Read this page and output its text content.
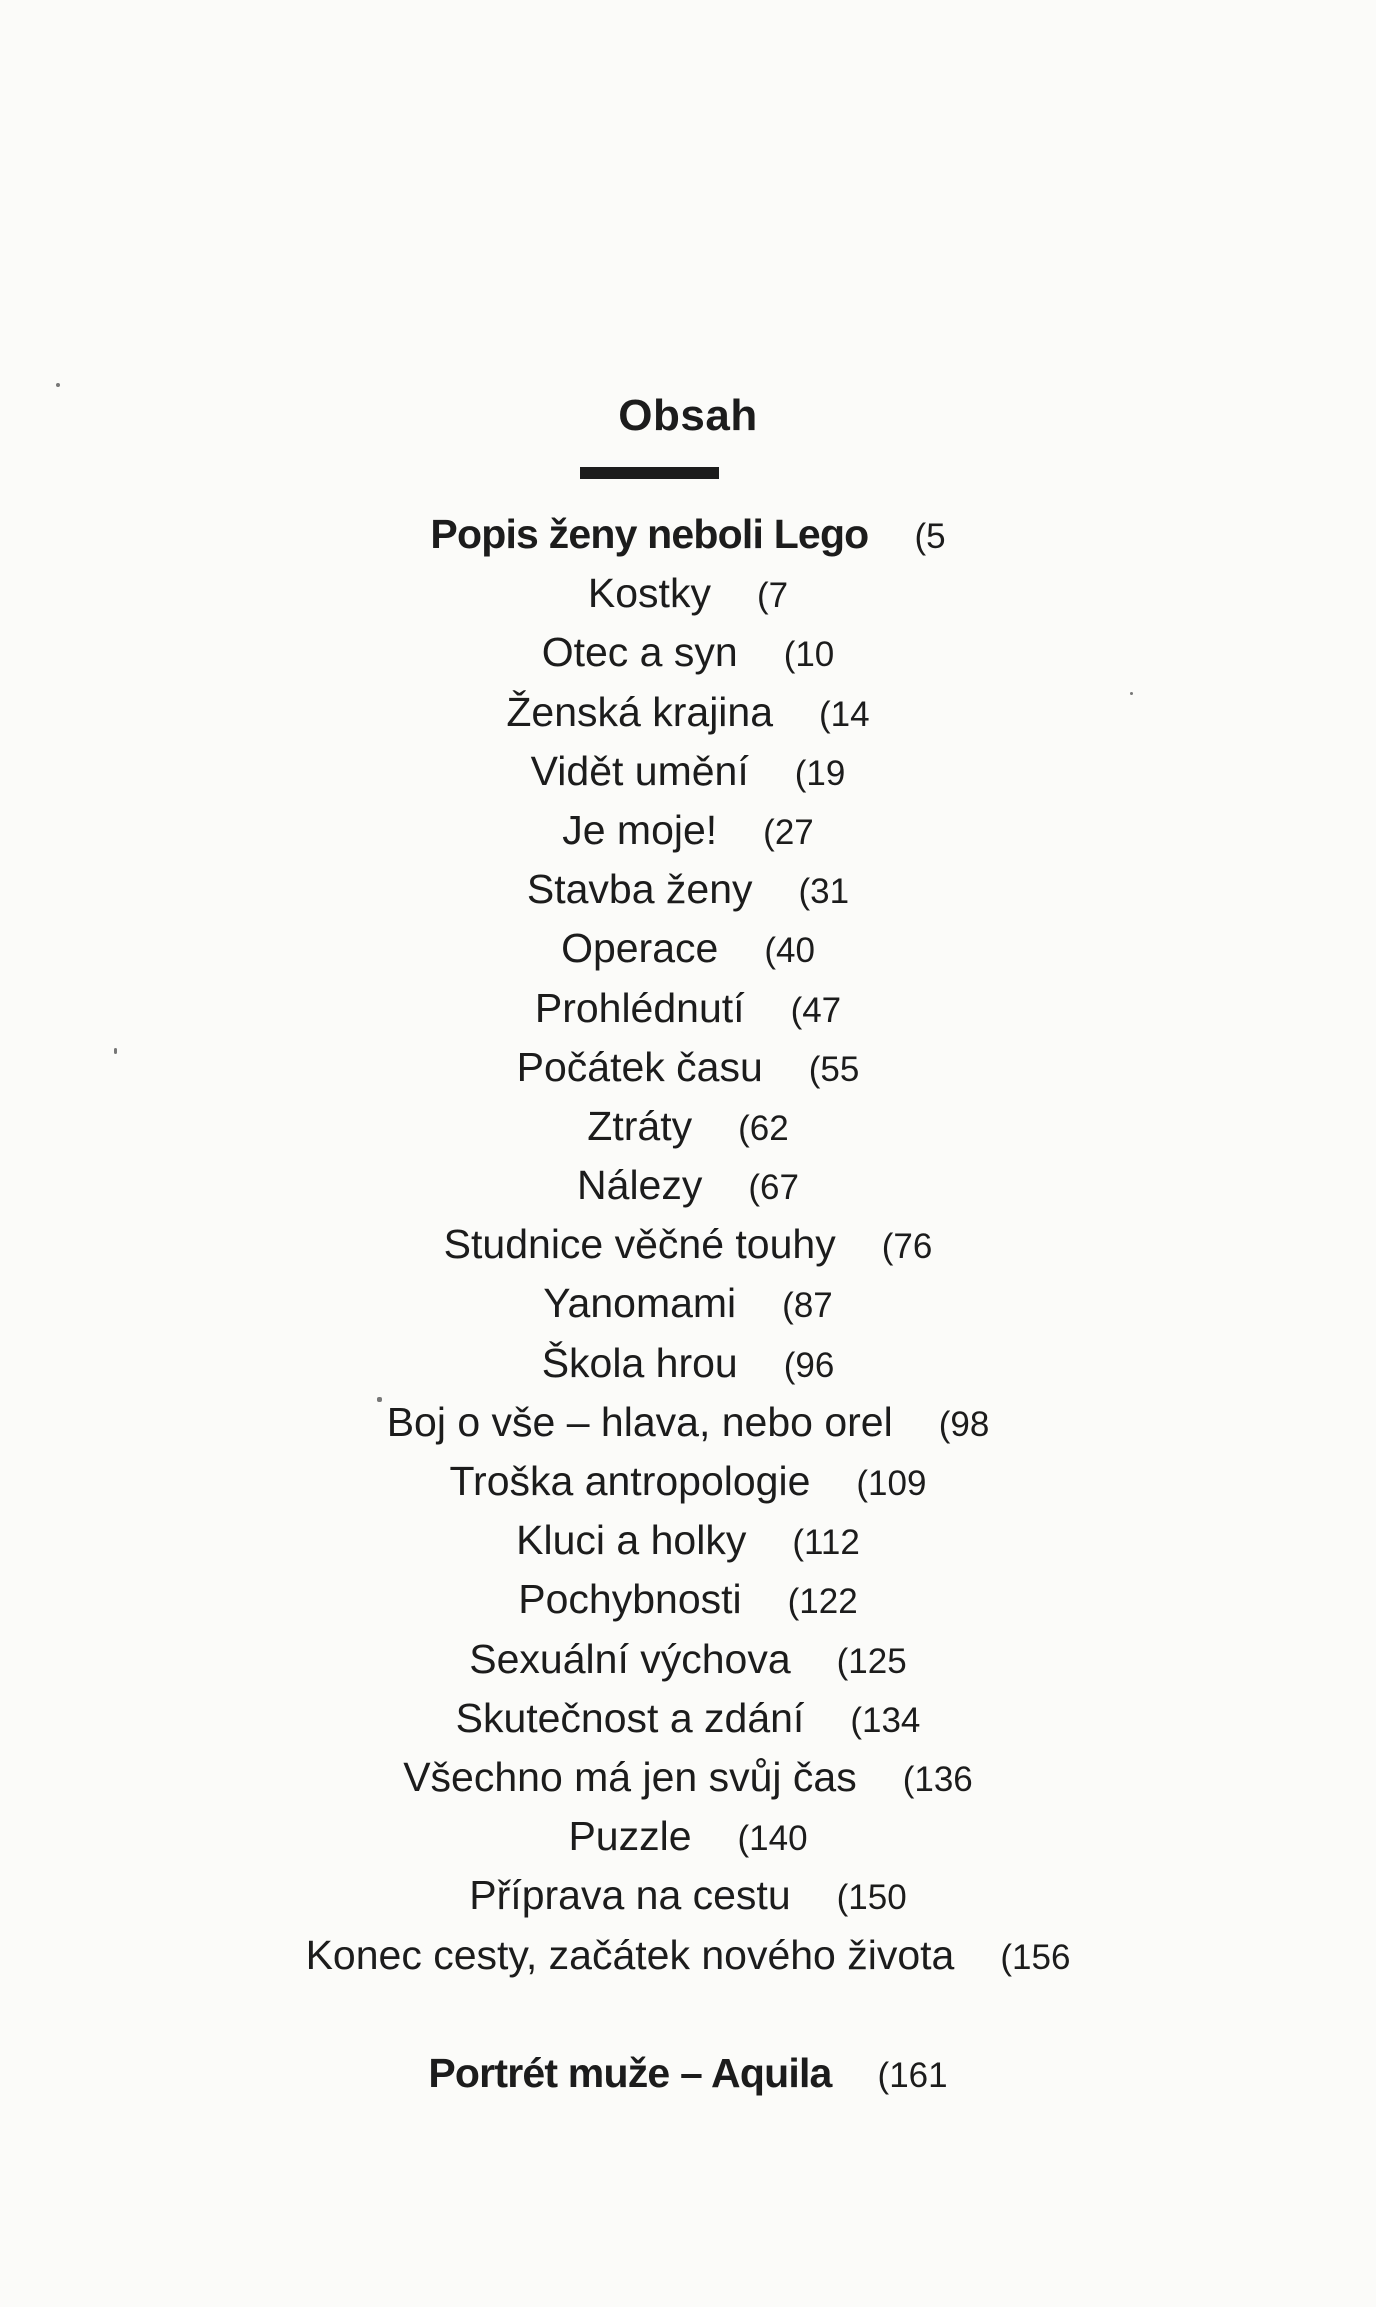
Obsah
Popis ženy neboli Lego ( 5
Kostky ( 7
Otec a syn ( 10
Ženská krajina ( 14
Vidět umění ( 19
Je moje! ( 27
Stavba ženy ( 31
Operace ( 40
Prohlédnutí ( 47
Počátek času ( 55
Ztráty ( 62
Nálezy ( 67
Studnice věčné touhy ( 76
Yanomami ( 87
Škola hrou ( 96
Boj o vše – hlava, nebo orel ( 98
Troška antropologie ( 109
Kluci a holky ( 112
Pochybnosti ( 122
Sexuální výchova ( 125
Skutečnost a zdání ( 134
Všechno má jen svůj čas ( 136
Puzzle ( 140
Příprava na cestu ( 150
Konec cesty, začátek nového života ( 156
Portrét muže – Aquila ( 161
